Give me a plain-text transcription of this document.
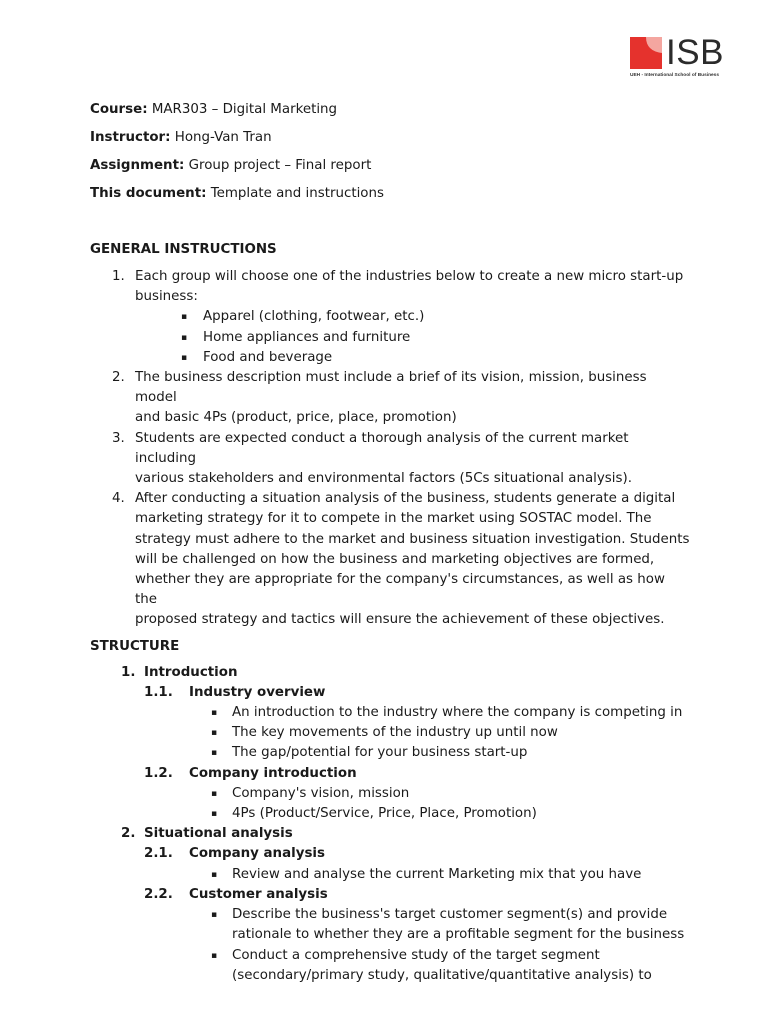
ISB
UEH - International School of Business
Course: MAR303 – Digital Marketing
Instructor: Hong-Van Tran
Assignment: Group project – Final report
This document: Template and instructions
GENERAL INSTRUCTIONS
1. Each group will choose one of the industries below to create a new micro start-up
business:
▪	Apparel (clothing, footwear, etc.)
▪	Home appliances and furniture
▪	Food and beverage
2. The business description must include a brief of its vision, mission, business model
and basic 4Ps (product, price, place, promotion)
3. Students are expected conduct a thorough analysis of the current market including
various stakeholders and environmental factors (5Cs situational analysis).
4. After conducting a situation analysis of the business, students generate a digital
marketing strategy for it to compete in the market using SOSTAC model. The
strategy must adhere to the market and business situation investigation. Students
will be challenged on how the business and marketing objectives are formed,
whether they are appropriate for the company's circumstances, as well as how the
proposed strategy and tactics will ensure the achievement of these objectives.
STRUCTURE
1. Introduction
1.1.	Industry overview
▪	An introduction to the industry where the company is competing in
▪	The key movements of the industry up until now
▪	The gap/potential for your business start-up
1.2.	Company introduction
▪	Company's vision, mission
▪	4Ps (Product/Service, Price, Place, Promotion)
2. Situational analysis
2.1.	Company analysis
▪	Review and analyse the current Marketing mix that you have
2.2.	Customer analysis
▪	Describe the business's target customer segment(s) and provide
rationale to whether they are a profitable segment for the business
▪	Conduct a comprehensive study of the target segment
(secondary/primary study, qualitative/quantitative analysis) to
